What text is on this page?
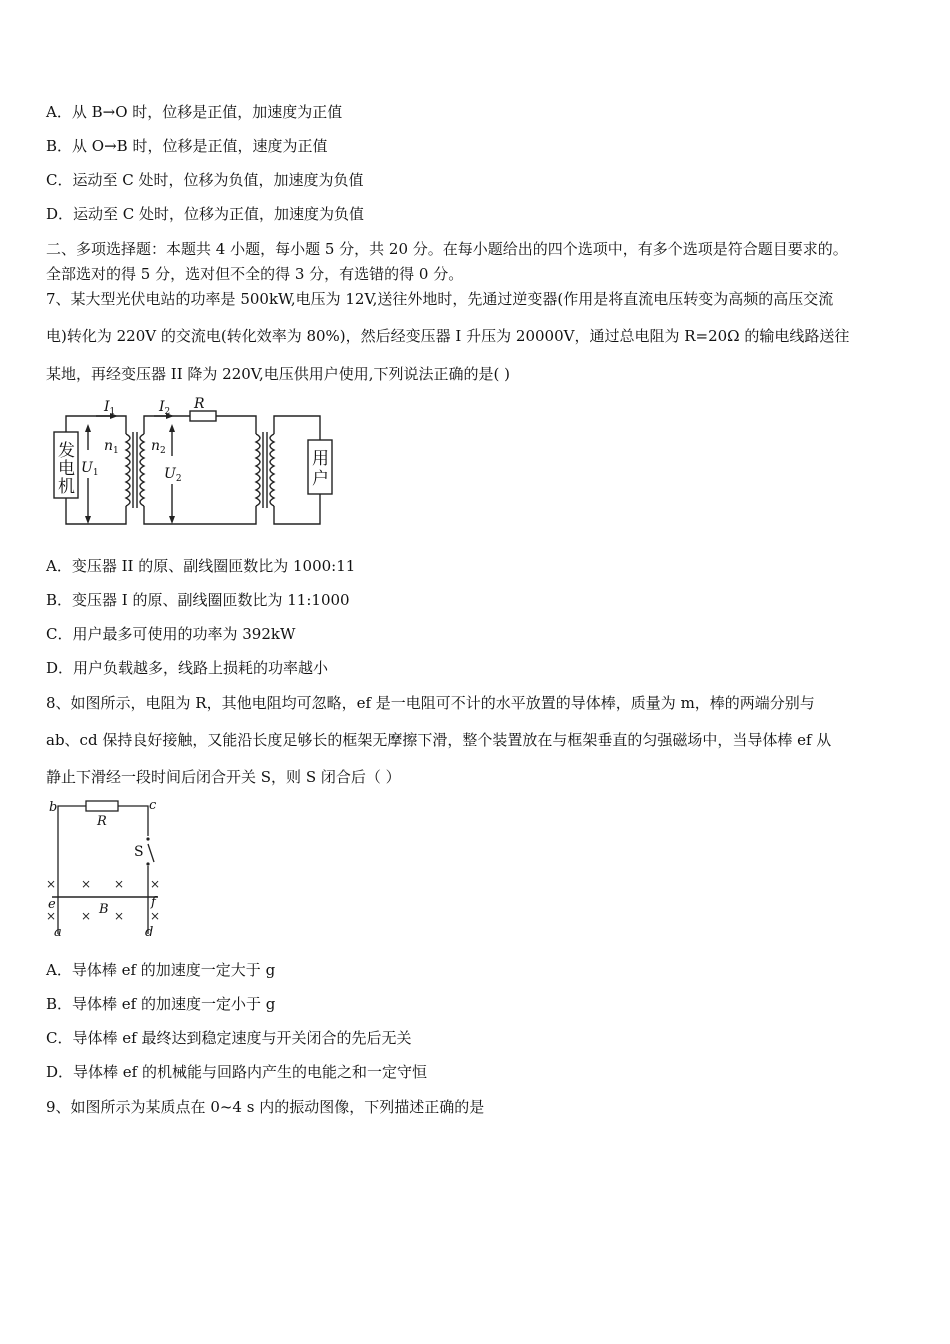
A．从 B→O 时，位移是正值，加速度为正值
B．从 O→B 时，位移是正值，速度为正值
C．运动至 C 处时，位移为负值，加速度为负值
D．运动至 C 处时，位移为正值，加速度为负值
二、多项选择题：本题共 4 小题，每小题 5 分，共 20 分。在每小题给出的四个选项中，有多个选项是符合题目要求的。
全部选对的得 5 分，选对但不全的得 3 分，有选错的得 0 分。
7、某大型光伏电站的功率是 500kW,电压为 12V,送往外地时，先通过逆变器(作用是将直流电压转变为高频的高压交流
电)转化为 220V 的交流电(转化效率为 80%)，然后经变压器 I 升压为 20000V，通过总电阻为 R=20Ω 的输电线路送往
某地，再经变压器 II 降为 220V,电压供用户使用,下列说法正确的是( )
发
电
机
用
户
$I_1$	$I_2$ R
$n_1$ $n_2$
$U_1$	$U_2$
A．变压器 II 的原、副线圈匝数比为 1000:11
B．变压器 I 的原、副线圈匝数比为 11:1000
C．用户最多可使用的功率为 392kW
D．用户负载越多，线路上损耗的功率越小
8、如图所示，电阻为 R，其他电阻均可忽略，ef 是一电阻可不计的水平放置的导体棒，质量为 m，棒的两端分别与
ab、cd 保持良好接触，又能沿长度足够长的框架无摩擦下滑，整个装置放在与框架垂直的匀强磁场中，当导体棒 ef 从
静止下滑经一段时间后闭合开关 S，则 S 闭合后（ ）
b	c
R
e	f
B
a	d
S
× × × ×
× × × ×
A．导体棒 ef 的加速度一定大于 g
B．导体棒 ef 的加速度一定小于 g
C．导体棒 ef 最终达到稳定速度与开关闭合的先后无关
D．导体棒 ef 的机械能与回路内产生的电能之和一定守恒
9、如图所示为某质点在 0~4 s 内的振动图像，下列描述正确的是
